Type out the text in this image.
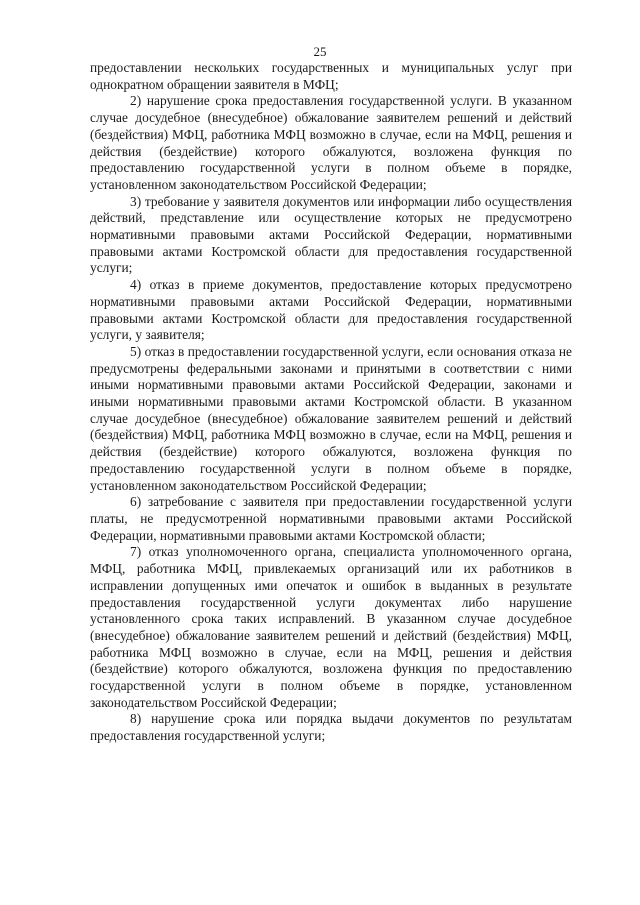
25

предоставлении нескольких государственных и муниципальных услуг при однократном обращении заявителя в МФЦ;

2) нарушение срока предоставления государственной услуги. В указанном случае досудебное (внесудебное) обжалование заявителем решений и действий (бездействия) МФЦ, работника МФЦ возможно в случае, если на МФЦ, решения и действия (бездействие) которого обжалуются, возложена функция по предоставлению государственной услуги в полном объеме в порядке, установленном законодательством Российской Федерации;

3) требование у заявителя документов или информации либо осуществления действий, представление или осуществление которых не предусмотрено нормативными правовыми актами Российской Федерации, нормативными правовыми актами Костромской области для предоставления государственной услуги;

4) отказ в приеме документов, предоставление которых предусмотрено нормативными правовыми актами Российской Федерации, нормативными правовыми актами Костромской области для предоставления государственной услуги, у заявителя;

5) отказ в предоставлении государственной услуги, если основания отказа не предусмотрены федеральными законами и принятыми в соответствии с ними иными нормативными правовыми актами Российской Федерации, законами и иными нормативными правовыми актами Костромской области. В указанном случае досудебное (внесудебное) обжалование заявителем решений и действий (бездействия) МФЦ, работника МФЦ возможно в случае, если на МФЦ, решения и действия (бездействие) которого обжалуются, возложена функция по предоставлению государственной услуги в полном объеме в порядке, установленном законодательством Российской Федерации;

6) затребование с заявителя при предоставлении государственной услуги платы, не предусмотренной нормативными правовыми актами Российской Федерации, нормативными правовыми актами Костромской области;

7) отказ уполномоченного органа, специалиста уполномоченного органа, МФЦ, работника МФЦ, привлекаемых организаций или их работников в исправлении допущенных ими опечаток и ошибок в выданных в результате предоставления государственной услуги документах либо нарушение установленного срока таких исправлений. В указанном случае досудебное (внесудебное) обжалование заявителем решений и действий (бездействия) МФЦ, работника МФЦ возможно в случае, если на МФЦ, решения и действия (бездействие) которого обжалуются, возложена функция по предоставлению государственной услуги в полном объеме в порядке, установленном законодательством Российской Федерации;

8) нарушение срока или порядка выдачи документов по результатам предоставления государственной услуги;
